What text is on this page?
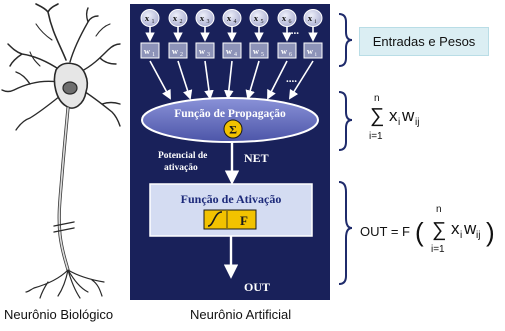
x 1
w 1
x 2
w 2
x 3
w 3
x 4
w 4
x 5
w 5
x 6
w 6
x i
w i
....
....
Função de Propagação
Σ
Potencial de
ativação
NET
Função de Ativação
F
OUT
n
∑
i=1
x i w ij
OUT = F (
n
∑
i=1
x i w ij )
Entradas e Pesos
Neurônio Biológico	Neurônio Artificial
